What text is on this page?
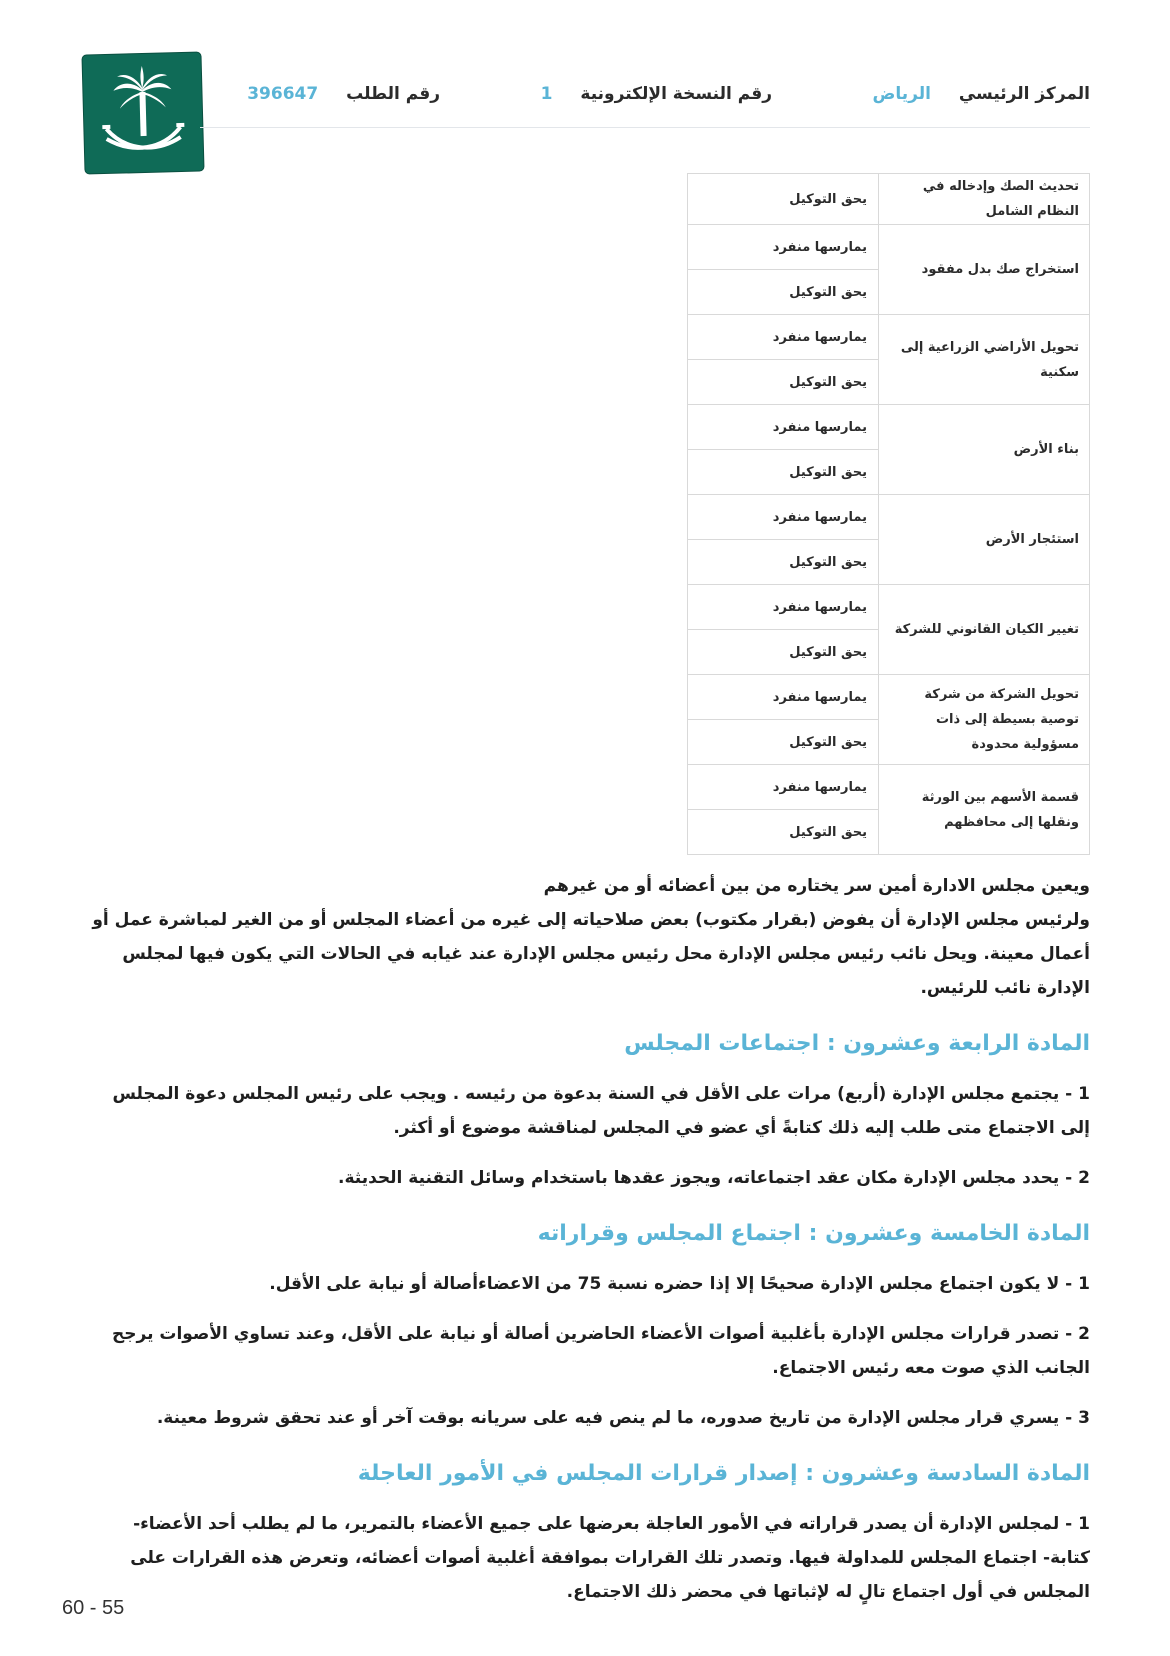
المركز الرئيسي الرياض
رقم النسخة الإلكترونية 1
رقم الطلب 396647
تحديث الصك وإدخاله في النظام الشامل	يحق التوكيل
استخراج صك بدل مفقود	يمارسها منفرد
	يحق التوكيل
تحويل الأراضي الزراعية إلى سكنية	يمارسها منفرد
	يحق التوكيل
بناء الأرض	يمارسها منفرد
	يحق التوكيل
استئجار الأرض	يمارسها منفرد
	يحق التوكيل
تغيير الكيان القانوني للشركة	يمارسها منفرد
	يحق التوكيل
تحويل الشركة من شركة توصية بسيطة إلى ذات مسؤولية محدودة	يمارسها منفرد
	يحق التوكيل
قسمة الأسهم بين الورثة ونقلها إلى محافظهم	يمارسها منفرد
	يحق التوكيل

ويعين مجلس الادارة أمين سر يختاره من بين أعضائه أو من غيرهم

ولرئيس مجلس الإدارة أن يفوض (بقرار مكتوب) بعض صلاحياته إلى غيره من أعضاء المجلس أو من الغير لمباشرة عمل أو أعمال معينة. ويحل نائب رئيس مجلس الإدارة محل رئيس مجلس الإدارة عند غيابه في الحالات التي يكون فيها لمجلس الإدارة نائب للرئيس.

المادة الرابعة وعشرون : اجتماعات المجلس

1 - يجتمع مجلس الإدارة (أربع) مرات على الأقل في السنة بدعوة من رئيسه . ويجب على رئيس المجلس دعوة المجلس إلى الاجتماع متى طلب إليه ذلك كتابةً أي عضو في المجلس لمناقشة موضوع أو أكثر.

2 - يحدد مجلس الإدارة مكان عقد اجتماعاته، ويجوز عقدها باستخدام وسائل التقنية الحديثة.

المادة الخامسة وعشرون : اجتماع المجلس وقراراته

1 - لا يكون اجتماع مجلس الإدارة صحيحًا إلا إذا حضره نسبة 75 من الاعضاءأصالة أو نيابة على الأقل.

2 - تصدر قرارات مجلس الإدارة بأغلبية أصوات الأعضاء الحاضرين أصالة أو نيابة على الأقل، وعند تساوي الأصوات يرجح الجانب الذي صوت معه رئيس الاجتماع.

3 - يسري قرار مجلس الإدارة من تاريخ صدوره، ما لم ينص فيه على سريانه بوقت آخر أو عند تحقق شروط معينة.

المادة السادسة وعشرون : إصدار قرارات المجلس في الأمور العاجلة

1 - لمجلس الإدارة أن يصدر قراراته في الأمور العاجلة بعرضها على جميع الأعضاء بالتمرير، ما لم يطلب أحد الأعضاء- كتابة- اجتماع المجلس للمداولة فيها. وتصدر تلك القرارات بموافقة أغلبية أصوات أعضائه، وتعرض هذه القرارات على المجلس في أول اجتماع تالٍ له لإثباتها في محضر ذلك الاجتماع.

60 - 55
